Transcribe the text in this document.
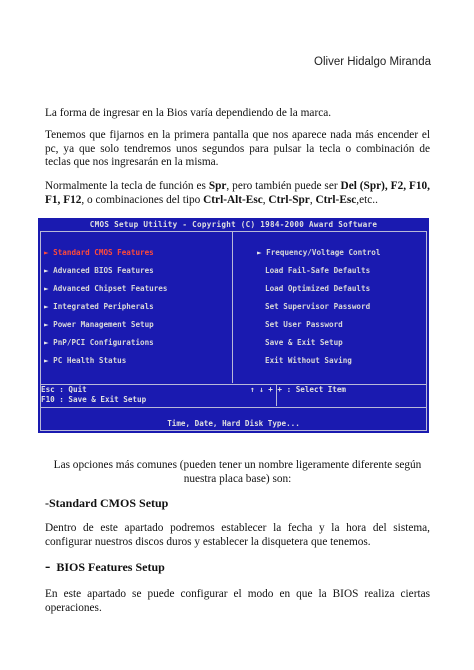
Oliver Hidalgo Miranda
La forma de ingresar en la Bios varía dependiendo de la marca.
Tenemos que fijarnos en la primera pantalla que nos aparece nada más encender el pc, ya que solo tendremos unos segundos para pulsar la tecla o combinación de teclas que nos ingresarán en la misma.
Normalmente la tecla de función es Spr, pero también puede ser Del (Spr), F2, F10, F1, F12, o combinaciones del tipo Ctrl-Alt-Esc, Ctrl-Spr, Ctrl-Esc,etc..
CMOS Setup Utility - Copyright (C) 1984-2000 Award Software
► Standard CMOS Features
► Advanced BIOS Features
► Advanced Chipset Features
► Integrated Peripherals
► Power Management Setup
► PnP/PCI Configurations
► PC Health Status
► Frequency/Voltage Control
Load Fail-Safe Defaults
Load Optimized Defaults
Set Supervisor Password
Set User Password
Save & Exit Setup
Exit Without Saving
Esc : Quit
F10 : Save & Exit Setup
↑ ↓ + + : Select Item
Time, Date, Hard Disk Type...
Las opciones más comunes (pueden tener un nombre ligeramente diferente según nuestra placa base) son:
-Standard CMOS Setup
Dentro de este apartado podremos establecer la fecha y la hora del sistema, configurar nuestros discos duros y establecer la disquetera que tenemos.
- BIOS Features Setup
En este apartado se puede configurar el modo en que la BIOS realiza ciertas operaciones.
